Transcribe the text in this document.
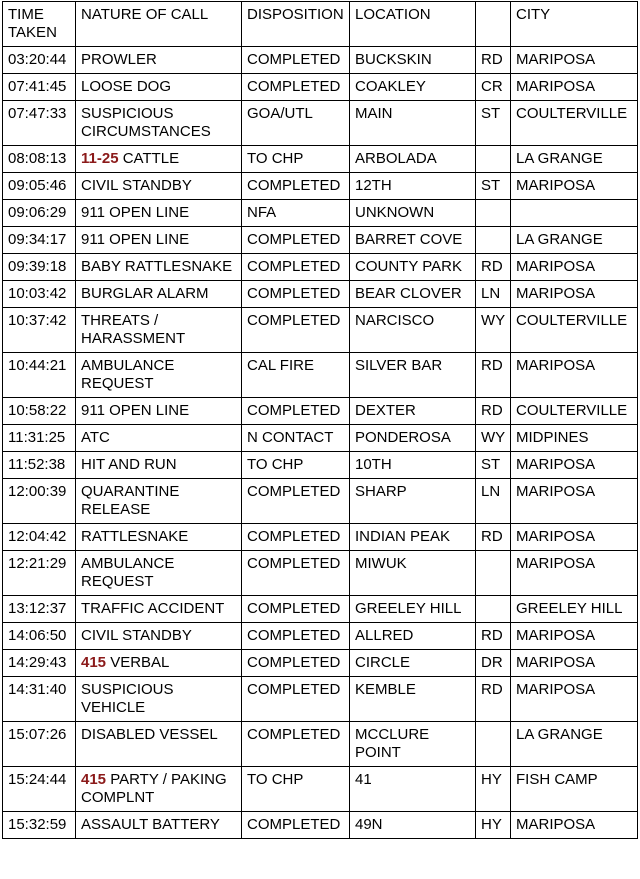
TIME
TAKEN	NATURE OF CALL	DISPOSITION	LOCATION		CITY
03:20:44	PROWLER	COMPLETED	BUCKSKIN	RD	MARIPOSA
07:41:45	LOOSE DOG	COMPLETED	COAKLEY	CR	MARIPOSA
07:47:33	SUSPICIOUS CIRCUMSTANCES	GOA/UTL	MAIN	ST	COULTERVILLE
08:08:13	11-25 CATTLE	TO CHP	ARBOLADA		LA GRANGE
09:05:46	CIVIL STANDBY	COMPLETED	12TH	ST	MARIPOSA
09:06:29	911 OPEN LINE	NFA	UNKNOWN		
09:34:17	911 OPEN LINE	COMPLETED	BARRET COVE		LA GRANGE
09:39:18	BABY RATTLESNAKE	COMPLETED	COUNTY PARK	RD	MARIPOSA
10:03:42	BURGLAR ALARM	COMPLETED	BEAR CLOVER	LN	MARIPOSA
10:37:42	THREATS / HARASSMENT	COMPLETED	NARCISCO	WY	COULTERVILLE
10:44:21	AMBULANCE REQUEST	CAL FIRE	SILVER BAR	RD	MARIPOSA
10:58:22	911 OPEN LINE	COMPLETED	DEXTER	RD	COULTERVILLE
11:31:25	ATC	N CONTACT	PONDEROSA	WY	MIDPINES
11:52:38	HIT AND RUN	TO CHP	10TH	ST	MARIPOSA
12:00:39	QUARANTINE RELEASE	COMPLETED	SHARP	LN	MARIPOSA
12:04:42	RATTLESNAKE	COMPLETED	INDIAN PEAK	RD	MARIPOSA
12:21:29	AMBULANCE REQUEST	COMPLETED	MIWUK		MARIPOSA
13:12:37	TRAFFIC ACCIDENT	COMPLETED	GREELEY HILL		GREELEY HILL
14:06:50	CIVIL STANDBY	COMPLETED	ALLRED	RD	MARIPOSA
14:29:43	415 VERBAL	COMPLETED	CIRCLE	DR	MARIPOSA
14:31:40	SUSPICIOUS VEHICLE	COMPLETED	KEMBLE	RD	MARIPOSA
15:07:26	DISABLED VESSEL	COMPLETED	MCCLURE POINT		LA GRANGE
15:24:44	415 PARTY / PAKING COMPLNT	TO CHP	41	HY	FISH CAMP
15:32:59	ASSAULT BATTERY	COMPLETED	49N	HY	MARIPOSA
